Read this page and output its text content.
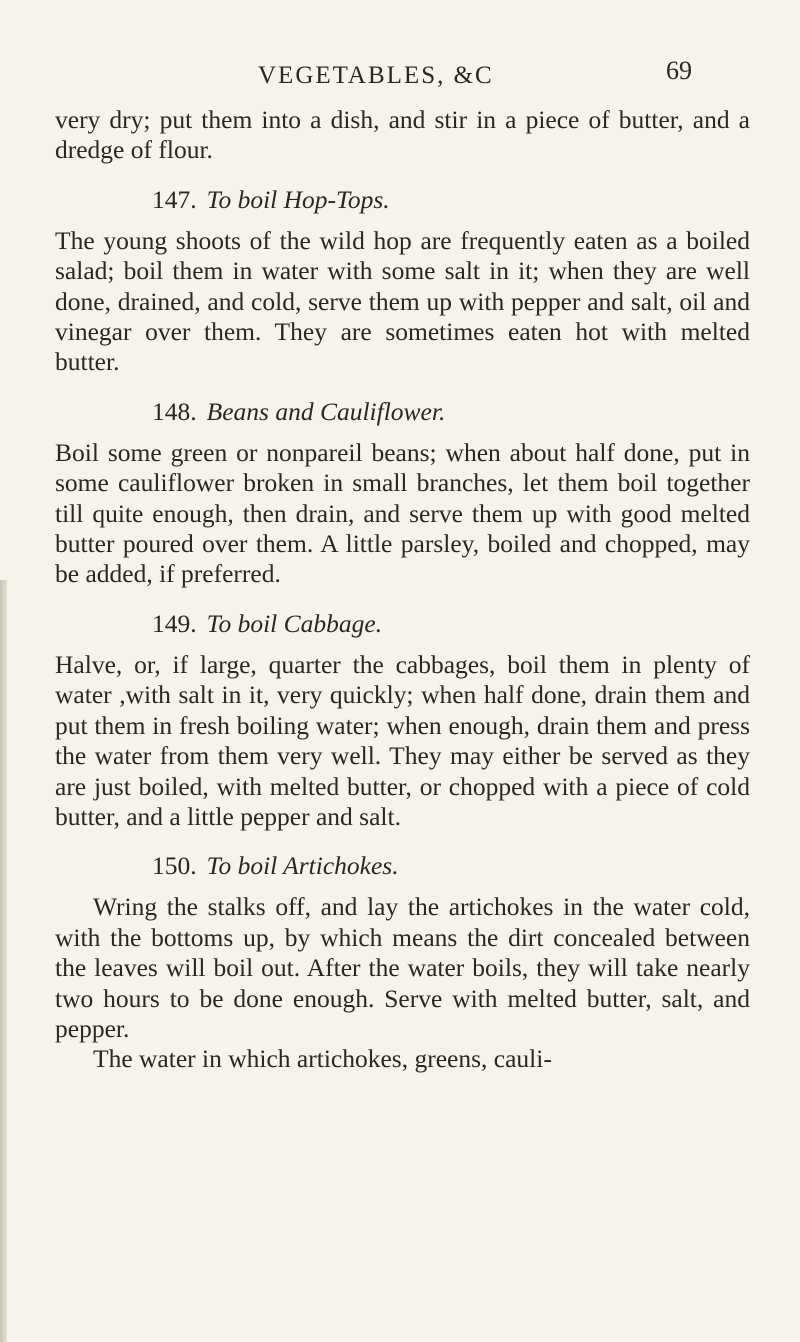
VEGETABLES, &C	69

very dry; put them into a dish, and stir in a piece of butter, and a dredge of flour.

147. To boil Hop-Tops.

The young shoots of the wild hop are frequently eaten as a boiled salad; boil them in water with some salt in it; when they are well done, drained, and cold, serve them up with pepper and salt, oil and vinegar over them. They are sometimes eaten hot with melted butter.

148. Beans and Cauliflower.

Boil some green or nonpareil beans; when about half done, put in some cauliflower broken in small branches, let them boil together till quite enough, then drain, and serve them up with good melted butter poured over them. A little parsley, boiled and chopped, may be added, if preferred.

149. To boil Cabbage.

Halve, or, if large, quarter the cabbages, boil them in plenty of water ,with salt in it, very quickly; when half done, drain them and put them in fresh boiling water; when enough, drain them and press the water from them very well. They may either be served as they are just boiled, with melted butter, or chopped with a piece of cold butter, and a little pepper and salt.

150. To boil Artichokes.

Wring the stalks off, and lay the artichokes in the water cold, with the bottoms up, by which means the dirt concealed between the leaves will boil out. After the water boils, they will take nearly two hours to be done enough. Serve with melted butter, salt, and pepper.

The water in which artichokes, greens, cauli-
